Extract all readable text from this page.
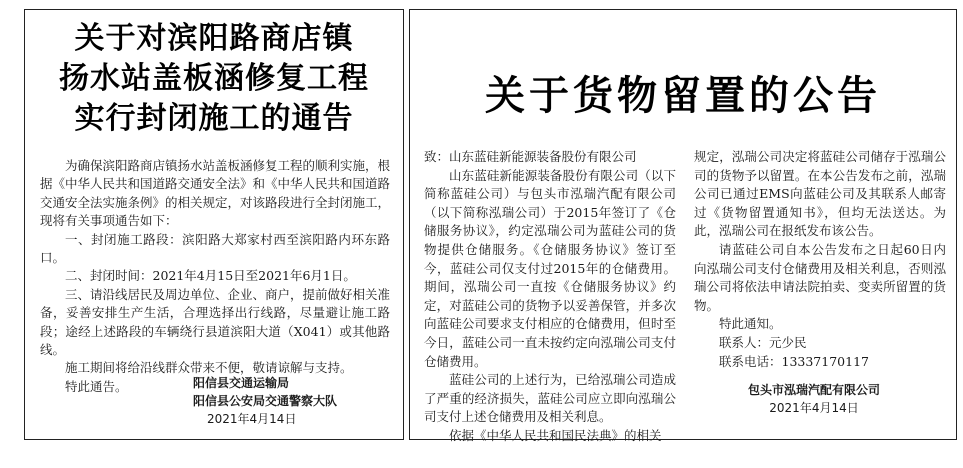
关于对滨阳路商店镇
扬水站盖板涵修复工程
实行封闭施工的通告

为确保滨阳路商店镇扬水站盖板涵修复工程的顺利实施，根据《中华人民共和国道路交通安全法》和《中华人民共和国道路交通安全法实施条例》的相关规定，对该路段进行全封闭施工，现将有关事项通告如下：

一、封闭施工路段：滨阳路大郑家村西至滨阳路内环东路口。

二、封闭时间：2021年4月15日至2021年6月1日。

三、请沿线居民及周边单位、企业、商户，提前做好相关准备，妥善安排生产生活，合理选择出行线路，尽量避让施工路段；途经上述路段的车辆绕行县道滨阳大道（X041）或其他路线。

施工期间将给沿线群众带来不便，敬请谅解与支持。

特此通告。	阳信县交通运输局
阳信县公安局交通警察大队
2021年4月14日
关于货物留置的公告

致：山东蓝硅新能源装备股份有限公司

山东蓝硅新能源装备股份有限公司（以下简称蓝硅公司）与包头市泓瑞汽配有限公司（以下简称泓瑞公司）于2015年签订了《仓储服务协议》，约定泓瑞公司为蓝硅公司的货物提供仓储服务。《仓储服务协议》签订至今，蓝硅公司仅支付过2015年的仓储费用。期间，泓瑞公司一直按《仓储服务协议》约定，对蓝硅公司的货物予以妥善保管，并多次向蓝硅公司要求支付相应的仓储费用，但时至今日，蓝硅公司一直未按约定向泓瑞公司支付仓储费用。

蓝硅公司的上述行为，已给泓瑞公司造成了严重的经济损失，蓝硅公司应立即向泓瑞公司支付上述仓储费用及相关利息。

依据《中华人民共和国民法典》的相关

规定，泓瑞公司决定将蓝硅公司储存于泓瑞公司的货物予以留置。在本公告发布之前，泓瑞公司已通过EMS向蓝硅公司及其联系人邮寄过《货物留置通知书》，但均无法送达。为此，泓瑞公司在报纸发布该公告。

请蓝硅公司自本公告发布之日起60日内向泓瑞公司支付仓储费用及相关利息，否则泓瑞公司将依法申请法院拍卖、变卖所留置的货物。

特此通知。

联系人：元少民

联系电话：13337170117

包头市泓瑞汽配有限公司
2021年4月14日
